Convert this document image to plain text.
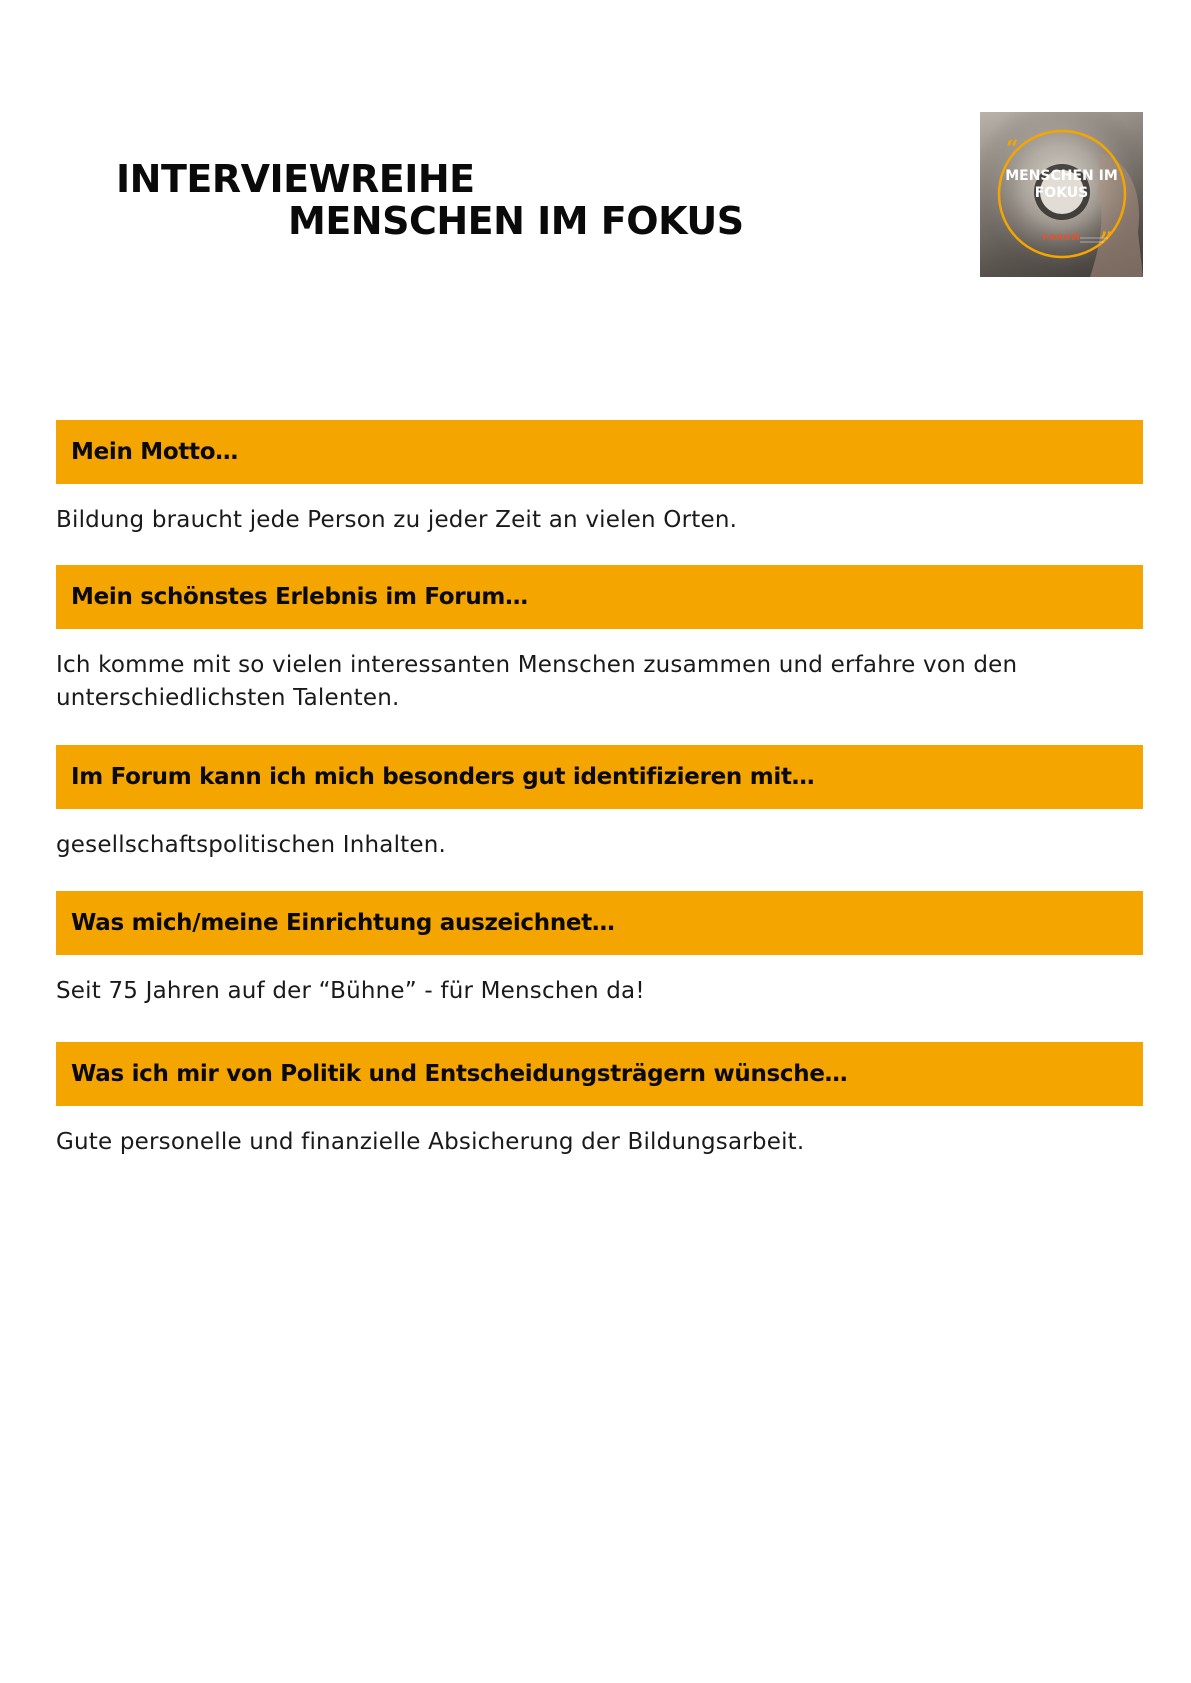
INTERVIEWREIHE
MENSCHEN IM FOKUS
“
”
MENSCHEN IM
FOKUS
FORUM
Mein Motto…
Bildung braucht jede Person zu jeder Zeit an vielen Orten.
Mein schönstes Erlebnis im Forum…
Ich komme mit so vielen interessanten Menschen zusammen und erfahre von den unterschiedlichsten Talenten.
Im Forum kann ich mich besonders gut identifizieren mit…
gesellschaftspolitischen Inhalten.
Was mich/meine Einrichtung auszeichnet…
Seit 75 Jahren auf der “Bühne” - für Menschen da!
Was ich mir von Politik und Entscheidungsträgern wünsche…
Gute personelle und finanzielle Absicherung der Bildungsarbeit.
